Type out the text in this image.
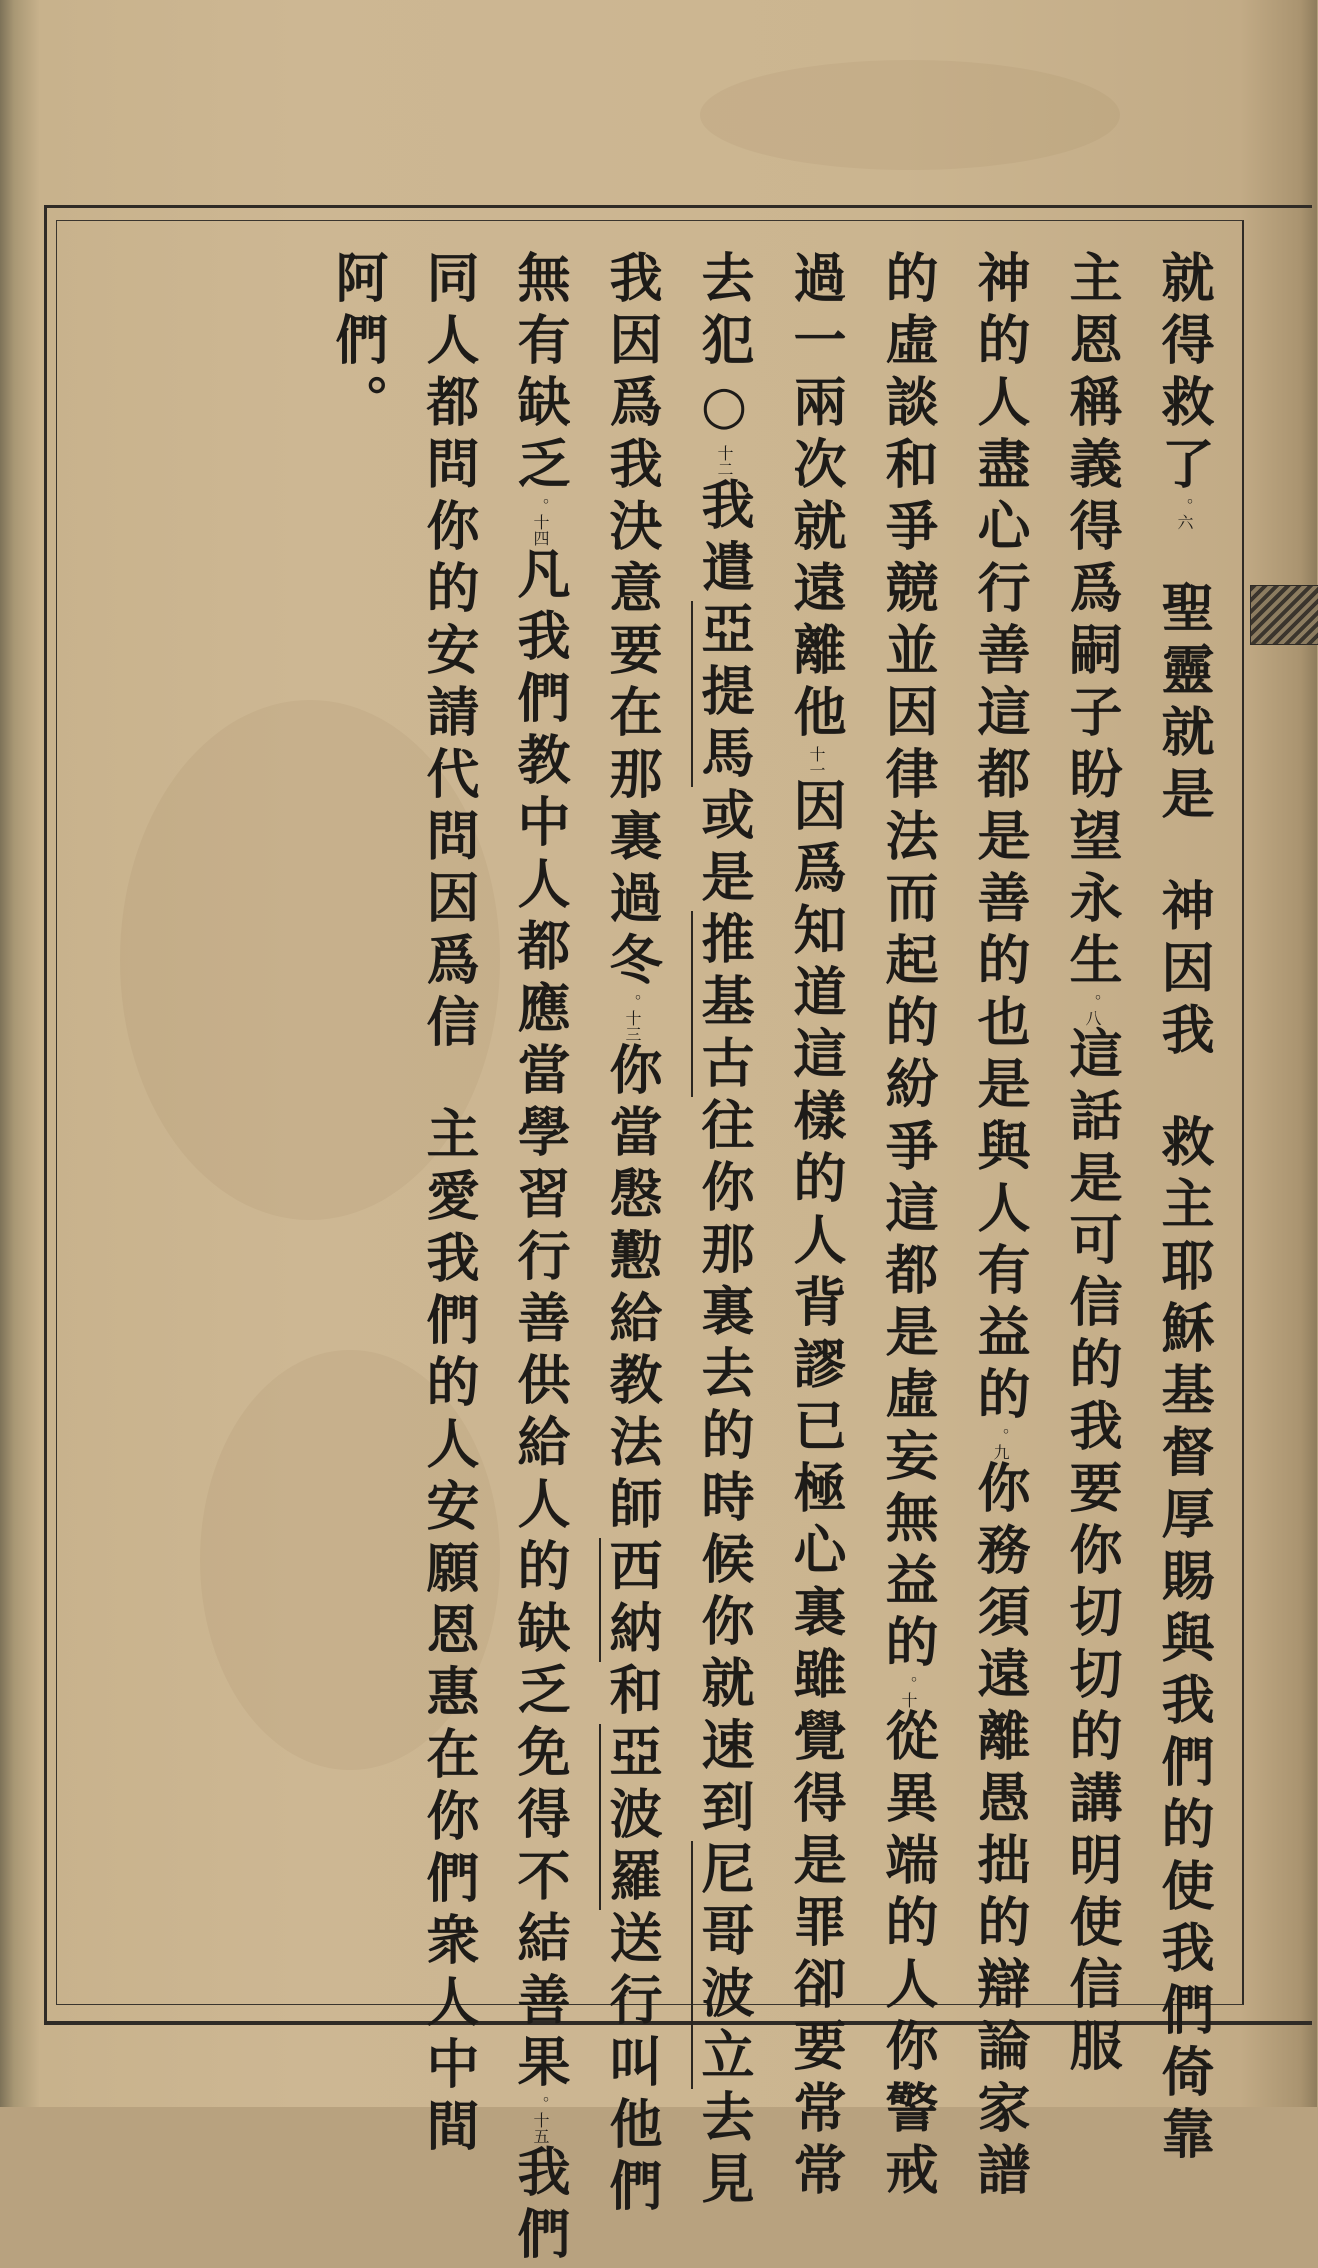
就得救了。六聖靈就是神因我救主耶穌基督厚賜與我們的使我們倚靠
主恩稱義得爲嗣子盼望永生。八這話是可信的我要你切切的講明使信服
神的人盡心行善這都是善的也是與人有益的。九你務須遠離愚拙的辯論家譜
的虛談和爭競並因律法而起的紛爭這都是虛妄無益的。十從異端的人你警戒
過一兩次就遠離他十一因爲知道這樣的人背謬已極心裏雖覺得是罪卻要常常
去犯○十二我遣亞提馬或是推基古往你那裏去的時候你就速到尼哥波立去見
我因爲我決意要在那裏過冬。十三你當慇懃給教法師西納和亞波羅送行叫他們
無有缺乏。十四凡我們教中人都應當學習行善供給人的缺乏免得不結善果。十五我們
同人都問你的安請代問因爲信主愛我們的人安願恩惠在你們衆人中間
阿們。
